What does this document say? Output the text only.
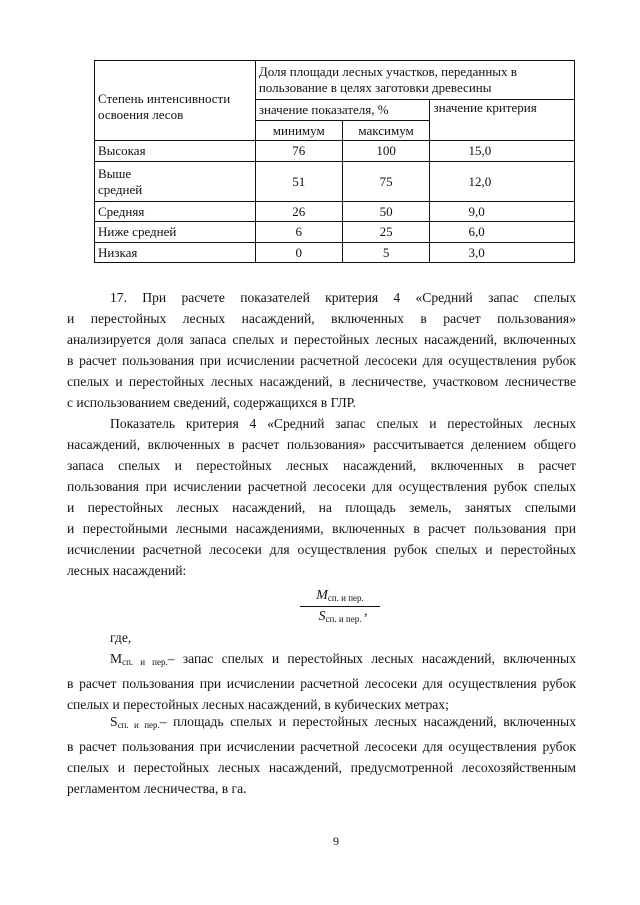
Степень интенсивности освоения лесов	Доля площади лесных участков, переданных в пользование в целях заготовки древесины		
	значение показателя, %		значение критерия
	минимум	максимум	
Высокая	76	100	15,0
Выше средней	51	75	12,0
Средняя	26	50	9,0
Ниже средней	6	25	6,0
Низкая	0	5	3,0
17. При расчете показателей критерия 4 «Средний запас спелых
и перестойных лесных насаждений, включенных в расчет пользования»
анализируется доля запаса спелых и перестойных лесных насаждений, включенных
в расчет пользования при исчислении расчетной лесосеки для осуществления рубок
спелых и перестойных лесных насаждений, в лесничестве, участковом лесничестве
с использованием сведений, содержащихся в ГЛР.
Показатель критерия 4 «Средний запас спелых и перестойных лесных
насаждений, включенных в расчет пользования» рассчитывается делением общего
запаса спелых и перестойных лесных насаждений, включенных в расчет
пользования при исчислении расчетной лесосеки для осуществления рубок спелых
и перестойных лесных насаждений, на площадь земель, занятых спелыми
и перестойными лесными насаждениями, включенных в расчет пользования при
исчислении расчетной лесосеки для осуществления рубок спелых и перестойных
лесных насаждений:
$M_{сп. и пер.}$
$S_{сп. и пер.}$ ,
где,
$М_{сп. и пер.}-$ запас спелых и перестойных лесных насаждений, включенных
в расчет пользования при исчислении расчетной лесосеки для осуществления рубок
спелых и перестойных лесных насаждений, в кубических метрах;
$S_{сп. и пер.}-$ площадь спелых и перестойных лесных насаждений, включенных
в расчет пользования при исчислении расчетной лесосеки для осуществления рубок
спелых и перестойных лесных насаждений, предусмотренной лесохозяйственным
регламентом лесничества, в га.
9
